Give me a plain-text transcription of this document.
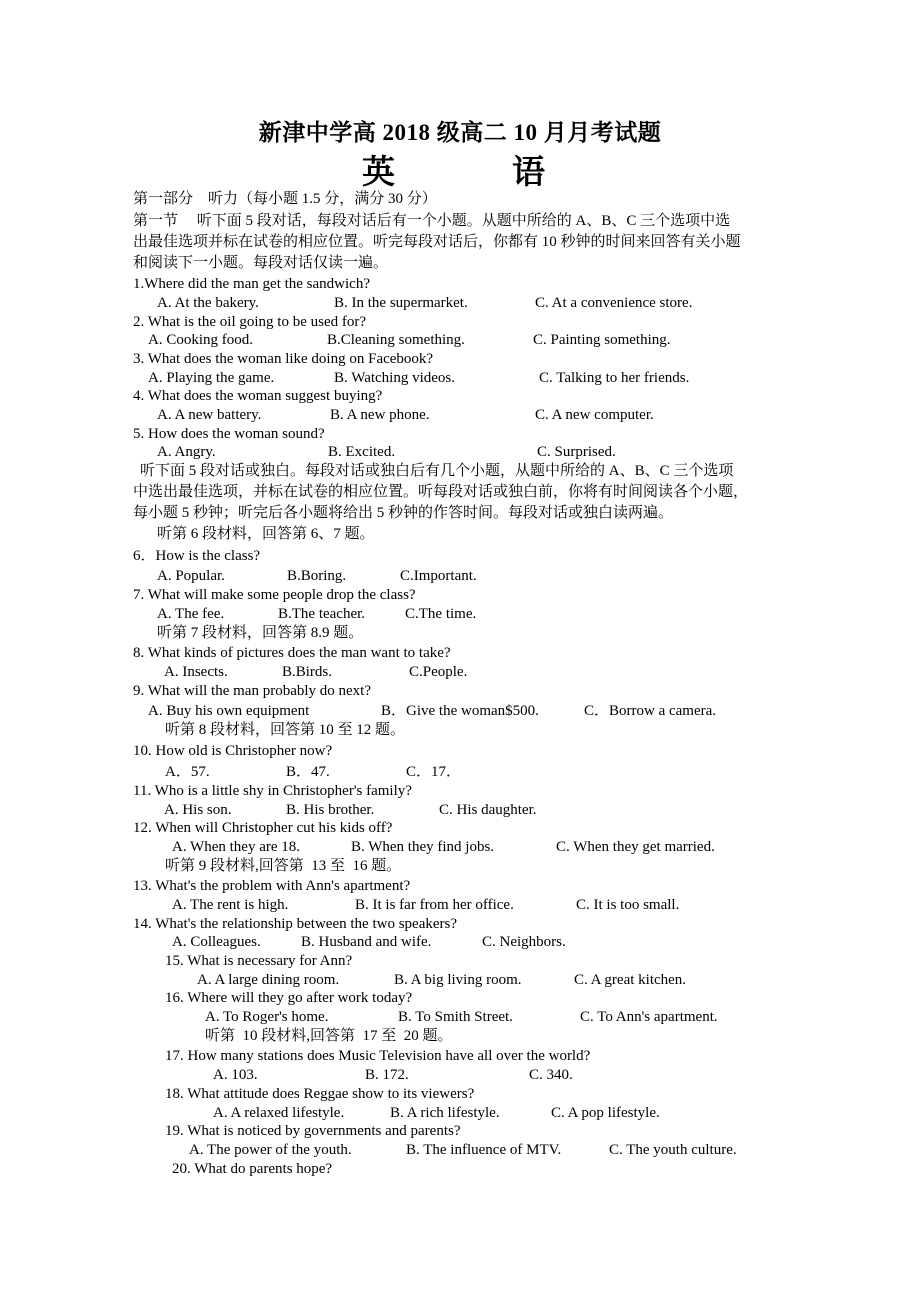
新津中学高 2018 级高二 10 月月考试题
英	语
第一部分　听力（每小题 1.5 分，满分 30 分）
第一节　 听下面 5 段对话，每段对话后有一个小题。从题中所给的 A、B、C 三个选项中选
出最佳选项并标在试卷的相应位置。听完每段对话后，你都有 10 秒钟的时间来回答有关小题
和阅读下一小题。每段对话仅读一遍。
1.Where did the man get the sandwich?
A. At the bakery.	B. In the supermarket.	C. At a convenience store.
2. What is the oil going to be used for?
A. Cooking food.	B.Cleaning something.	C. Painting something.
3. What does the woman like doing on Facebook?
A. Playing the game.	B. Watching videos.	C. Talking to her friends.
4. What does the woman suggest buying?
A. A new battery.	B. A new phone.	C. A new computer.
5. How does the woman sound?
A. Angry.	B. Excited.	C. Surprised.
听下面 5 段对话或独白。每段对话或独白后有几个小题，从题中所给的 A、B、C 三个选项
中选出最佳选项，并标在试卷的相应位置。听每段对话或独白前，你将有时间阅读各个小题，
每小题 5 秒钟；听完后各小题将给出 5 秒钟的作答时间。每段对话或独白读两遍。
听第 6 段材料，回答第 6、7 题。
6．How is the class?
A. Popular.	B.Boring.	C.Important.
7. What will make some people drop the class?
A. The fee.	B.The teacher.	C.The time.
听第 7 段材料，回答第 8.9 题。
8. What kinds of pictures does the man want to take?
A. Insects.	B.Birds.	C.People.
9. What will the man probably do next?
A. Buy his own equipment	B．Give the woman$500.	C．Borrow a camera.
听第 8 段材料，回答第 10 至 12 题。
10. How old is Christopher now?
A．57.	B．47.	C．17．
11. Who is a little shy in Christopher's family?
A. His son.	B. His brother.	C. His daughter.
12. When will Christopher cut his kids off?
A. When they are 18.	B. When they find jobs.	C. When they get married.
听第 9 段材料,回答第  13 至  16 题。
13. What's the problem with Ann's apartment?
A. The rent is high.	B. It is far from her office.	C. It is too small.
14. What's the relationship between the two speakers?
A. Colleagues.	B. Husband and wife.	C. Neighbors.
15. What is necessary for Ann?
A. A large dining room.	B. A big living room.	C. A great kitchen.
16. Where will they go after work today?
A. To Roger's home.	B. To Smith Street.	C. To Ann's apartment.
听第  10 段材料,回答第  17 至  20 题。
17. How many stations does Music Television have all over the world?
A. 103.	B. 172.	C. 340.
18. What attitude does Reggae show to its viewers?
A. A relaxed lifestyle.	B. A rich lifestyle.	C. A pop lifestyle.
19. What is noticed by governments and parents?
A. The power of the youth.	B. The influence of MTV.	C. The youth culture.
20. What do parents hope?
